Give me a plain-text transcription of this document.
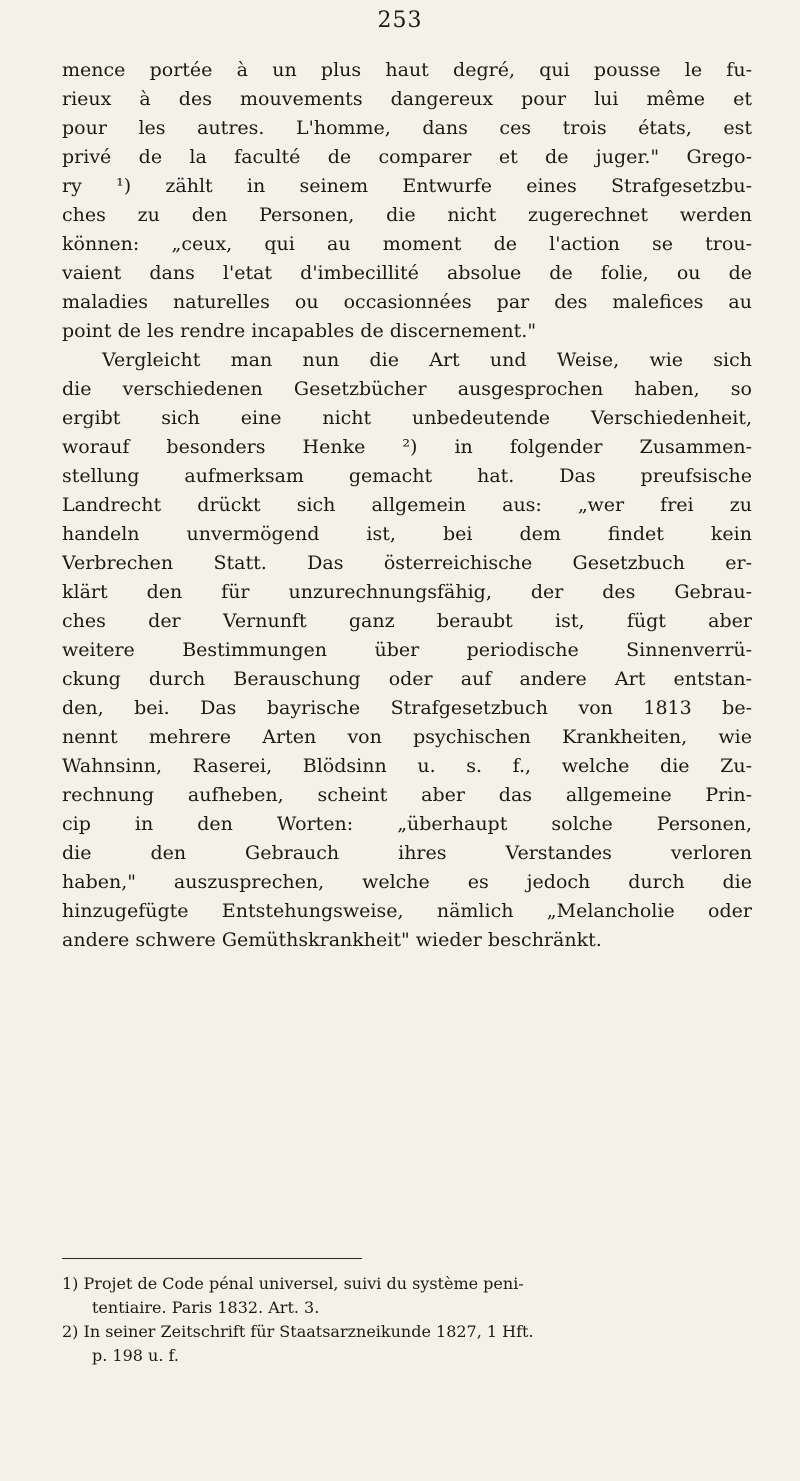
253
mence portée à un plus haut degré, qui pousse le fu-
rieux à des mouvements dangereux pour lui même et
pour les autres. L'homme, dans ces trois états, est
privé de la faculté de comparer et de juger." Grego-
ry ¹) zählt in seinem Entwurfe eines Strafgesetzbu-
ches zu den Personen, die nicht zugerechnet werden
können: „ceux, qui au moment de l'action se trou-
vaient dans l'etat d'imbecillité absolue de folie, ou de
maladies naturelles ou occasionnées par des malefices au
point de les rendre incapables de discernement."
Vergleicht man nun die Art und Weise, wie sich
die verschiedenen Gesetzbücher ausgesprochen haben, so
ergibt sich eine nicht unbedeutende Verschiedenheit,
worauf besonders Henke ²) in folgender Zusammen-
stellung aufmerksam gemacht hat. Das preufsische
Landrecht drückt sich allgemein aus: „wer frei zu
handeln unvermögend ist, bei dem findet kein
Verbrechen Statt. Das österreichische Gesetzbuch er-
klärt den für unzurechnungsfähig, der des Gebrau-
ches der Vernunft ganz beraubt ist, fügt aber
weitere Bestimmungen über periodische Sinnenverrü-
ckung durch Berauschung oder auf andere Art entstan-
den, bei. Das bayrische Strafgesetzbuch von 1813 be-
nennt mehrere Arten von psychischen Krankheiten, wie
Wahnsinn, Raserei, Blödsinn u. s. f., welche die Zu-
rechnung aufheben, scheint aber das allgemeine Prin-
cip in den Worten: „überhaupt solche Personen,
die den Gebrauch ihres Verstandes verloren
haben," auszusprechen, welche es jedoch durch die
hinzugefügte Entstehungsweise, nämlich „Melancholie oder
andere schwere Gemüthskrankheit" wieder beschränkt.
1) Projet de Code pénal universel, suivi du système peni-
tentiaire. Paris 1832. Art. 3.
2) In seiner Zeitschrift für Staatsarzneikunde 1827, 1 Hft.
p. 198 u. f.
